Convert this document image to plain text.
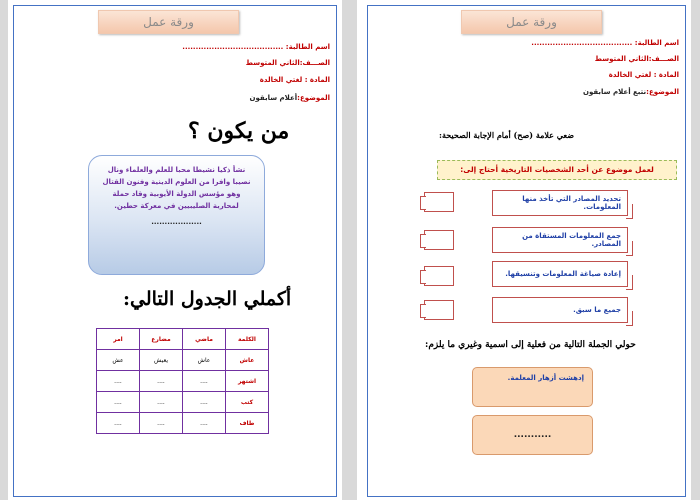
ورقة عمل
اسم الطالبة: ......................................
الصـــف:الثاني المتوسط
المادة : لغتي الخالدة
الموضوع:أعلام سابقون
من يكون ؟
نشأ ذكيا نشيطا محبا للعلم والعلماء ونال نصيبا وافرا من العلوم الدينية وفنون القتال وهو مؤسس الدولة الأيوبية وقاد حملة لمحاربة الصليبيين في معركة حطين.
...................
أكملي الجدول التالي:
الكلمة	ماضي	مضارع	امر
عاش	عاش	يعيش	عش
اشتهر	....	....	....
كتب	....	....	....
طاف	....	....	....
ورقة عمل
اسم الطالبة: ......................................
الصـــف:الثاني المتوسط
المادة : لغتي الخالدة
الموضوع:نتبع أعلام سابقون
ضعي علامة (صح) أمام الإجابة الصحيحة:
لعمل موضوع عن أحد الشخصيات التاريخية أحتاج إلى:
تحديد المصادر التي تأخذ منها المعلومات.
جمع المعلومات المستقاة من المصادر.
إعادة صياغة المعلومات وتنسيقها.
جميع ما سبق.
حولي الجملة التالية من فعلية إلى اسمية وغيري ما يلزم:
إدهشت أزهار المعلمة.
...........
